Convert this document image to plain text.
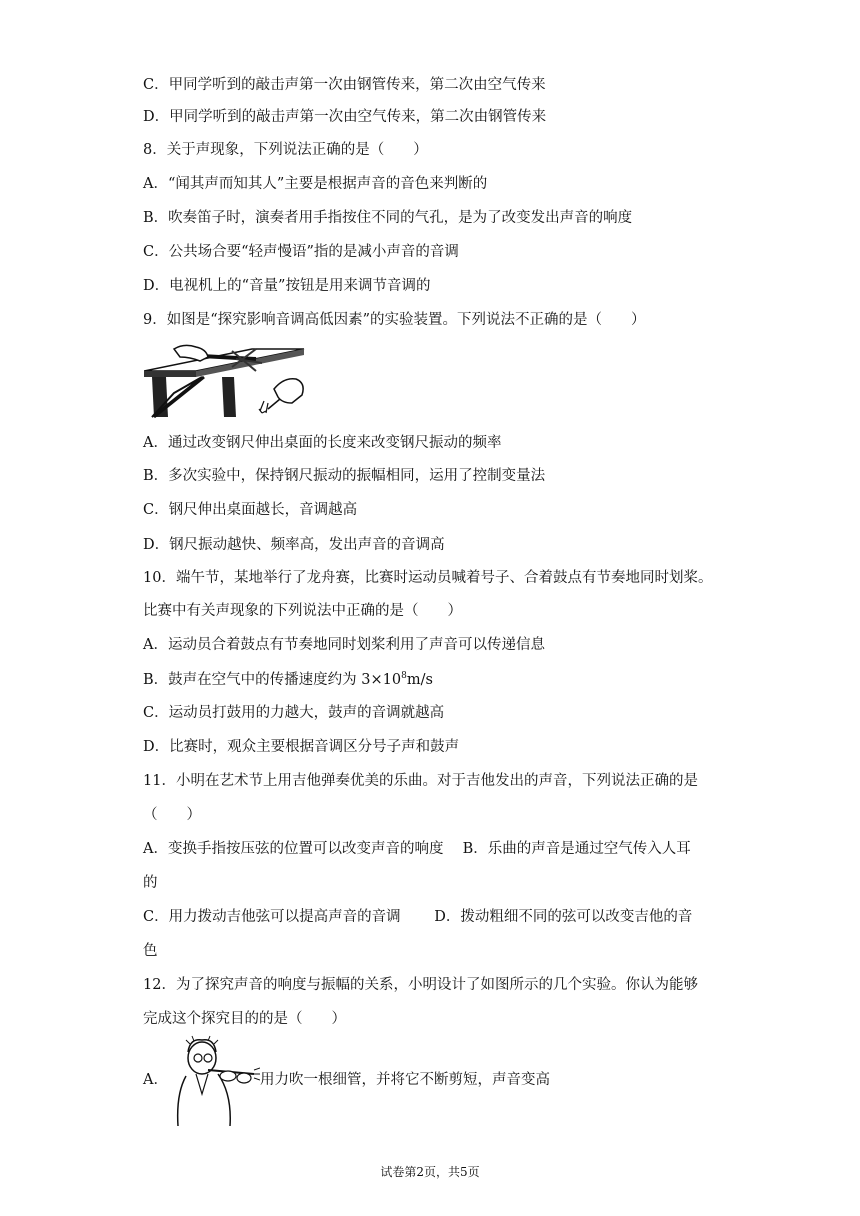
C．甲同学听到的敲击声第一次由钢管传来，第二次由空气传来
D．甲同学听到的敲击声第一次由空气传来，第二次由钢管传来
8．关于声现象，下列说法正确的是（　　）
A．“闻其声而知其人”主要是根据声音的音色来判断的
B．吹奏笛子时，演奏者用手指按住不同的气孔，是为了改变发出声音的响度
C．公共场合要“轻声慢语”指的是减小声音的音调
D．电视机上的“音量”按钮是用来调节音调的
9．如图是“探究影响音调高低因素”的实验装置。下列说法不正确的是（　　）
A．通过改变钢尺伸出桌面的长度来改变钢尺振动的频率
B．多次实验中，保持钢尺振动的振幅相同，运用了控制变量法
C．钢尺伸出桌面越长，音调越高
D．钢尺振动越快、频率高，发出声音的音调高
10．端午节，某地举行了龙舟赛，比赛时运动员喊着号子、合着鼓点有节奏地同时划桨。
比赛中有关声现象的下列说法中正确的是（　　）
A．运动员合着鼓点有节奏地同时划桨利用了声音可以传递信息
B．鼓声在空气中的传播速度约为 $3\times 10^8m/s$
C．运动员打鼓用的力越大，鼓声的音调就越高
D．比赛时，观众主要根据音调区分号子声和鼓声
11．小明在艺术节上用吉他弹奏优美的乐曲。对于吉他发出的声音，下列说法正确的是
（　　）
A．变换手指按压弦的位置可以改变声音的响度　 B．乐曲的声音是通过空气传入人耳
的
C．用力拨动吉他弦可以提高声音的音调　　 D．拨动粗细不同的弦可以改变吉他的音
色
12．为了探究声音的响度与振幅的关系，小明设计了如图所示的几个实验。你认为能够
完成这个探究目的的是（　　）
A．	用力吹一根细管，并将它不断剪短，声音变高
试卷第2页，共5页
